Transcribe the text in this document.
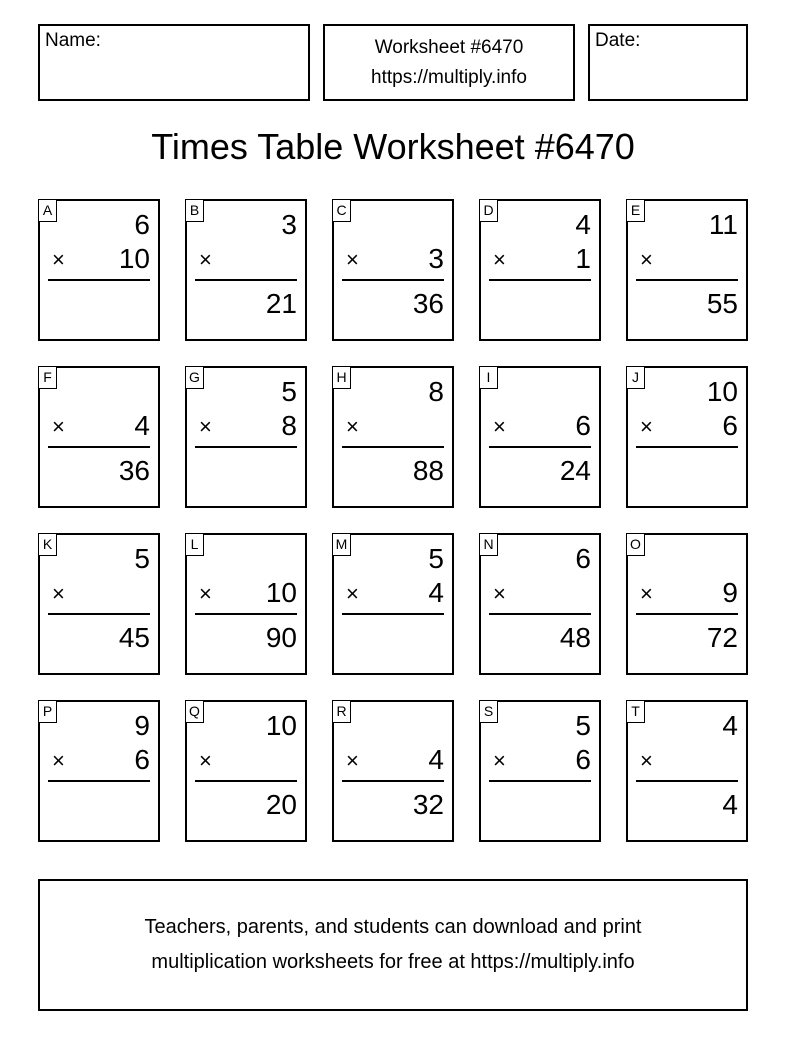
Name:	Worksheet #6470
https://multiply.info
Date:
Times Table Worksheet #6470
A	6
× 10
B	3
×
21
C
× 3
36
D	4
× 1
E 11
×
55
F
× 4
36
G	5
× 8
H	8
×
88
I
× 6
24
J 10
× 6
K	5
×
45
L
× 10
90
M	5
× 4
N	6
×
48
O
× 9
72
P	9
× 6
Q 10
×
20
R
× 4
32
S	5
× 6
T	4
×
4
Teachers, parents, and students can download and print
multiplication worksheets for free at https://multiply.info
